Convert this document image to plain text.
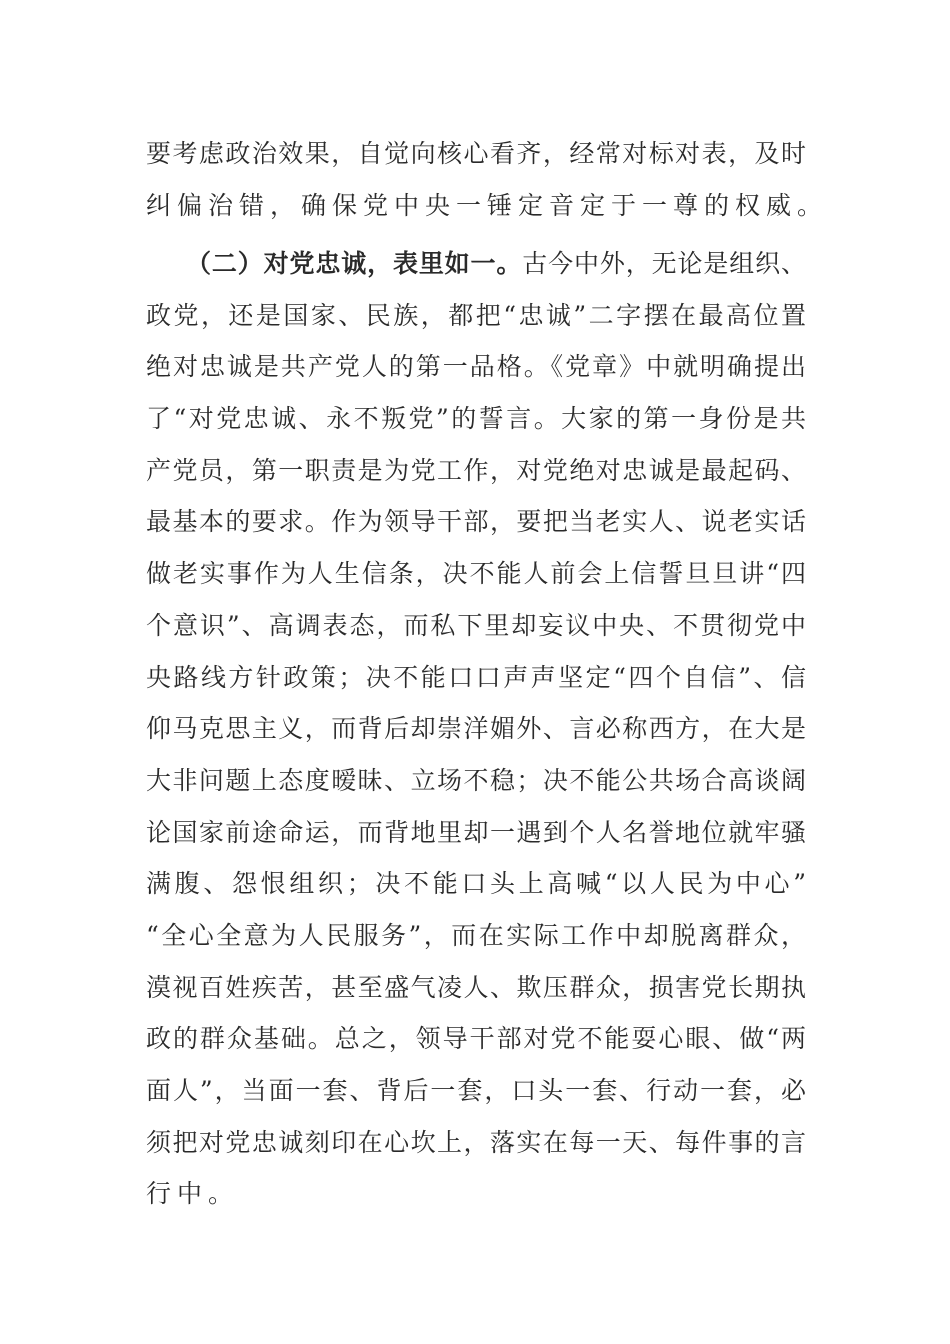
要考虑政治效果，自觉向核心看齐，经常对标对表，及时
纠偏治错，确保党中央一锤定音定于一尊的权威。
（二）对党忠诚，表里如一。古今中外，无论是组织、
政党，还是国家、民族，都把“忠诚”二字摆在最高位置
绝对忠诚是共产党人的第一品格。《党章》中就明确提出
了“对党忠诚、永不叛党”的誓言。大家的第一身份是共
产党员，第一职责是为党工作，对党绝对忠诚是最起码、
最基本的要求。作为领导干部，要把当老实人、说老实话
做老实事作为人生信条，决不能人前会上信誓旦旦讲“四
个意识”、高调表态，而私下里却妄议中央、不贯彻党中
央路线方针政策；决不能口口声声坚定“四个自信”、信
仰马克思主义，而背后却崇洋媚外、言必称西方，在大是
大非问题上态度暧昧、立场不稳；决不能公共场合高谈阔
论国家前途命运，而背地里却一遇到个人名誉地位就牢骚
满腹、怨恨组织；决不能口头上高喊“以人民为中心”
“全心全意为人民服务”，而在实际工作中却脱离群众，
漠视百姓疾苦，甚至盛气凌人、欺压群众，损害党长期执
政的群众基础。总之，领导干部对党不能耍心眼、做“两
面人”，当面一套、背后一套，口头一套、行动一套，必
须把对党忠诚刻印在心坎上，落实在每一天、每件事的言
行中。
